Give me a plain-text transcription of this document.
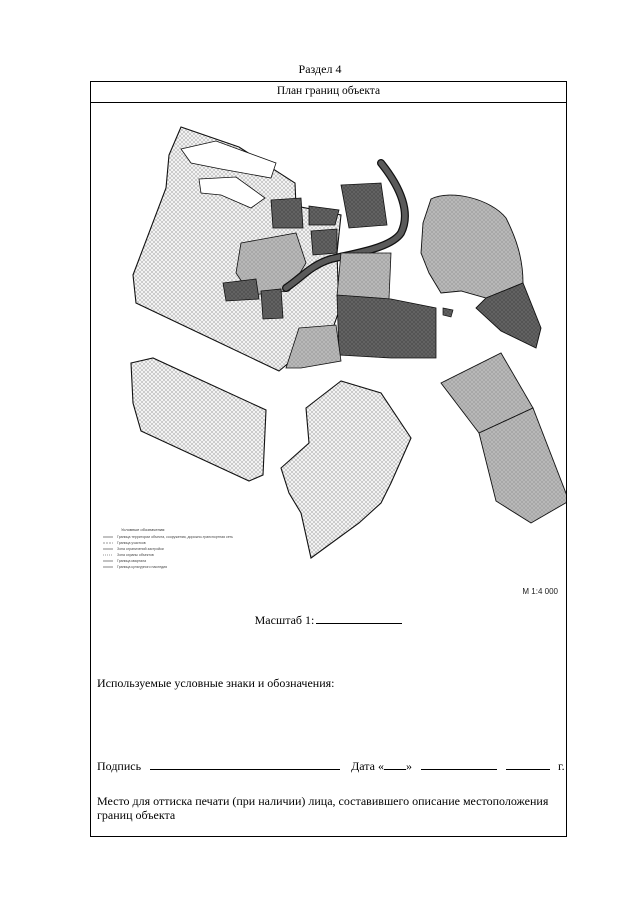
Раздел 4
План границ объекта
Условные обозначения:
Граница территории объекта, сооружения, дорожно-транспортная сеть
Граница участков
Зона ограничений застройки
Зона охраны объектов
Граница квартала
Граница культурного наследия
М 1:4 000
Масштаб 1:
Используемые условные знаки и обозначения:
Подпись	Дата « »	г.
Место для оттиска печати (при наличии) лица, составившего описание местоположения границ объекта
